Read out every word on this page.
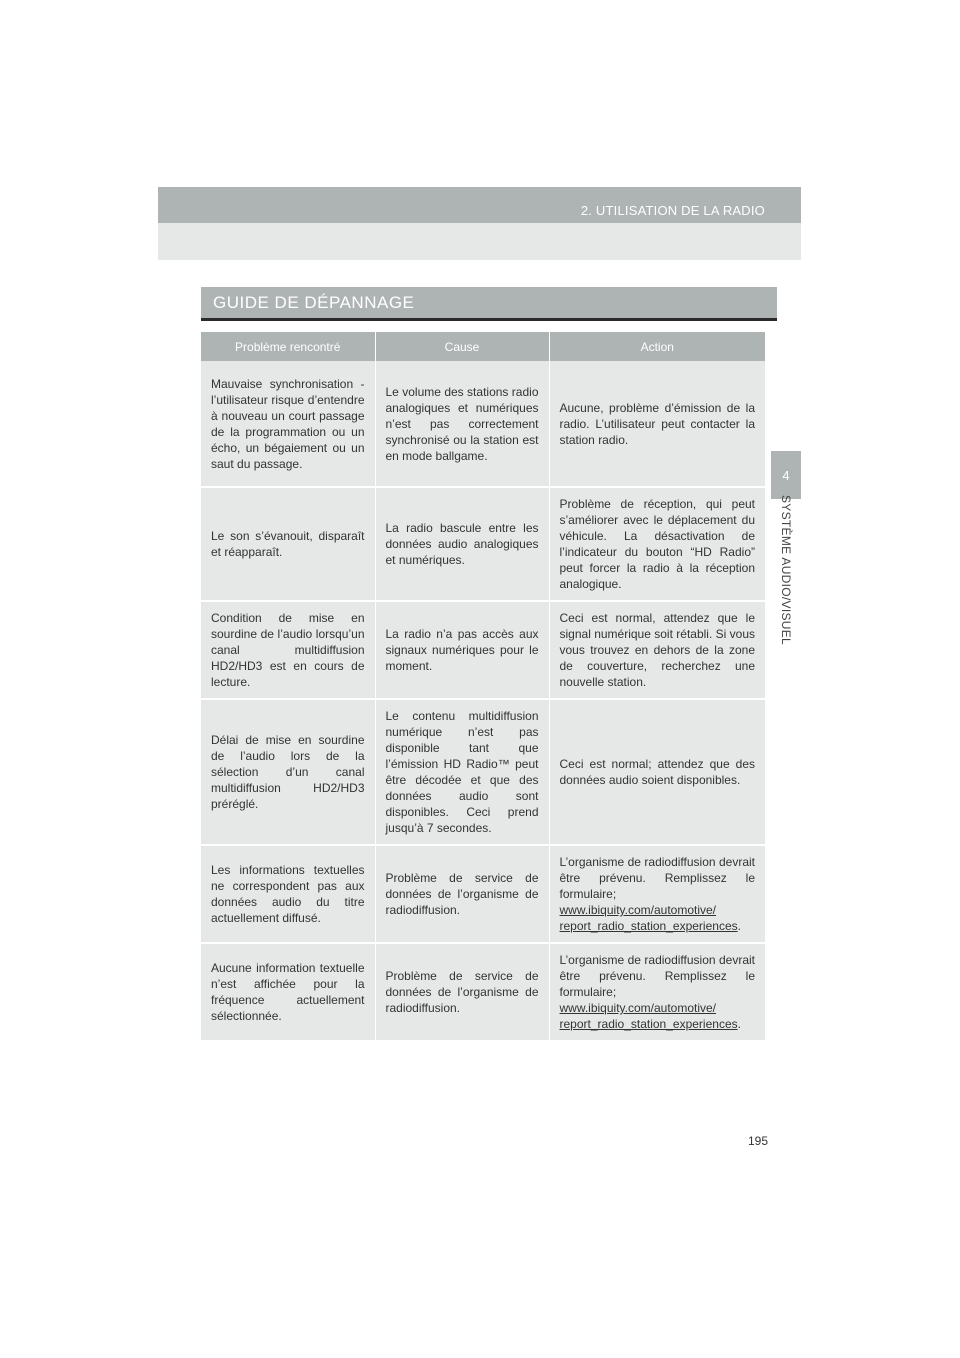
2. UTILISATION DE LA RADIO
4
SYSTÈME AUDIO/VISUEL
GUIDE DE DÉPANNAGE
Problème rencontré	Cause	Action
Mauvaise synchronisation - l’utilisateur risque d’entendre à nouveau un court passage de la programmation ou un écho, un bégaiement ou un saut du passage.	Le volume des stations radio analogiques et numériques n’est pas correctement synchronisé ou la station est en mode ballgame.	Aucune, problème d’émission de la radio. L’utilisateur peut contacter la station radio.
Le son s’évanouit, disparaît et réapparaît.	La radio bascule entre les données audio analogiques et numériques.	Problème de réception, qui peut s’améliorer avec le déplacement du véhicule. La désactivation de l’indicateur du bouton “HD Radio” peut forcer la radio à la réception analogique.
Condition de mise en sourdine de l’audio lorsqu’un canal multidiffusion HD2/HD3 est en cours de lecture.	La radio n’a pas accès aux signaux numériques pour le moment.	Ceci est normal, attendez que le signal numérique soit rétabli. Si vous vous trouvez en dehors de la zone de couverture, recherchez une nouvelle station.
Délai de mise en sourdine de l’audio lors de la sélection d’un canal multidiffusion HD2/HD3 préréglé.	Le contenu multidiffusion numérique n’est pas disponible tant que l’émission HD Radio™ peut être décodée et que des données audio sont disponibles. Ceci prend jusqu’à 7 secondes.	Ceci est normal; attendez que des données audio soient disponibles.
Les informations textuelles ne correspondent pas aux données audio du titre actuellement diffusé.	Problème de service de données de l’organisme de radiodiffusion.	L’organisme de radiodiffusion devrait être prévenu. Remplissez le formulaire;
www.ibiquity.com/automotive/
report_radio_station_experiences.
Aucune information textuelle n’est affichée pour la fréquence actuellement sélectionnée.	Problème de service de données de l’organisme de radiodiffusion.	L’organisme de radiodiffusion devrait être prévenu. Remplissez le formulaire;
www.ibiquity.com/automotive/
report_radio_station_experiences.
195
